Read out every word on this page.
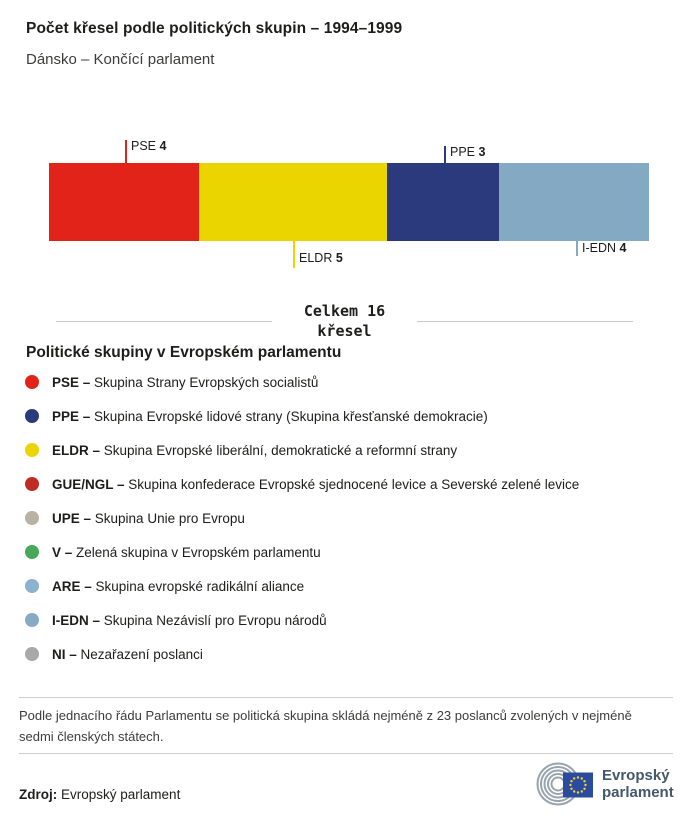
Počet křesel podle politických skupin – 1994–1999
Dánsko – Končící parlament
PSE 4	PPE 3
ELDR 5
I-EDN 4
Celkem 16
křesel
Politické skupiny v Evropském parlamentu
PSE – Skupina Strany Evropských socialistů
PPE – Skupina Evropské lidové strany (Skupina křesťanské demokracie)
ELDR – Skupina Evropské liberální, demokratické a reformní strany
GUE/NGL – Skupina konfederace Evropské sjednocené levice a Severské zelené levice
UPE – Skupina Unie pro Evropu
V – Zelená skupina v Evropském parlamentu
ARE – Skupina evropské radikální aliance
I-EDN – Skupina Nezávislí pro Evropu národů
NI – Nezařazení poslanci
Podle jednacího řádu Parlamentu se politická skupina skládá nejméně z 23 poslanců zvolených v nejméně sedmi členských státech.
Zdroj: Evropský parlament
Evropský
parlament
